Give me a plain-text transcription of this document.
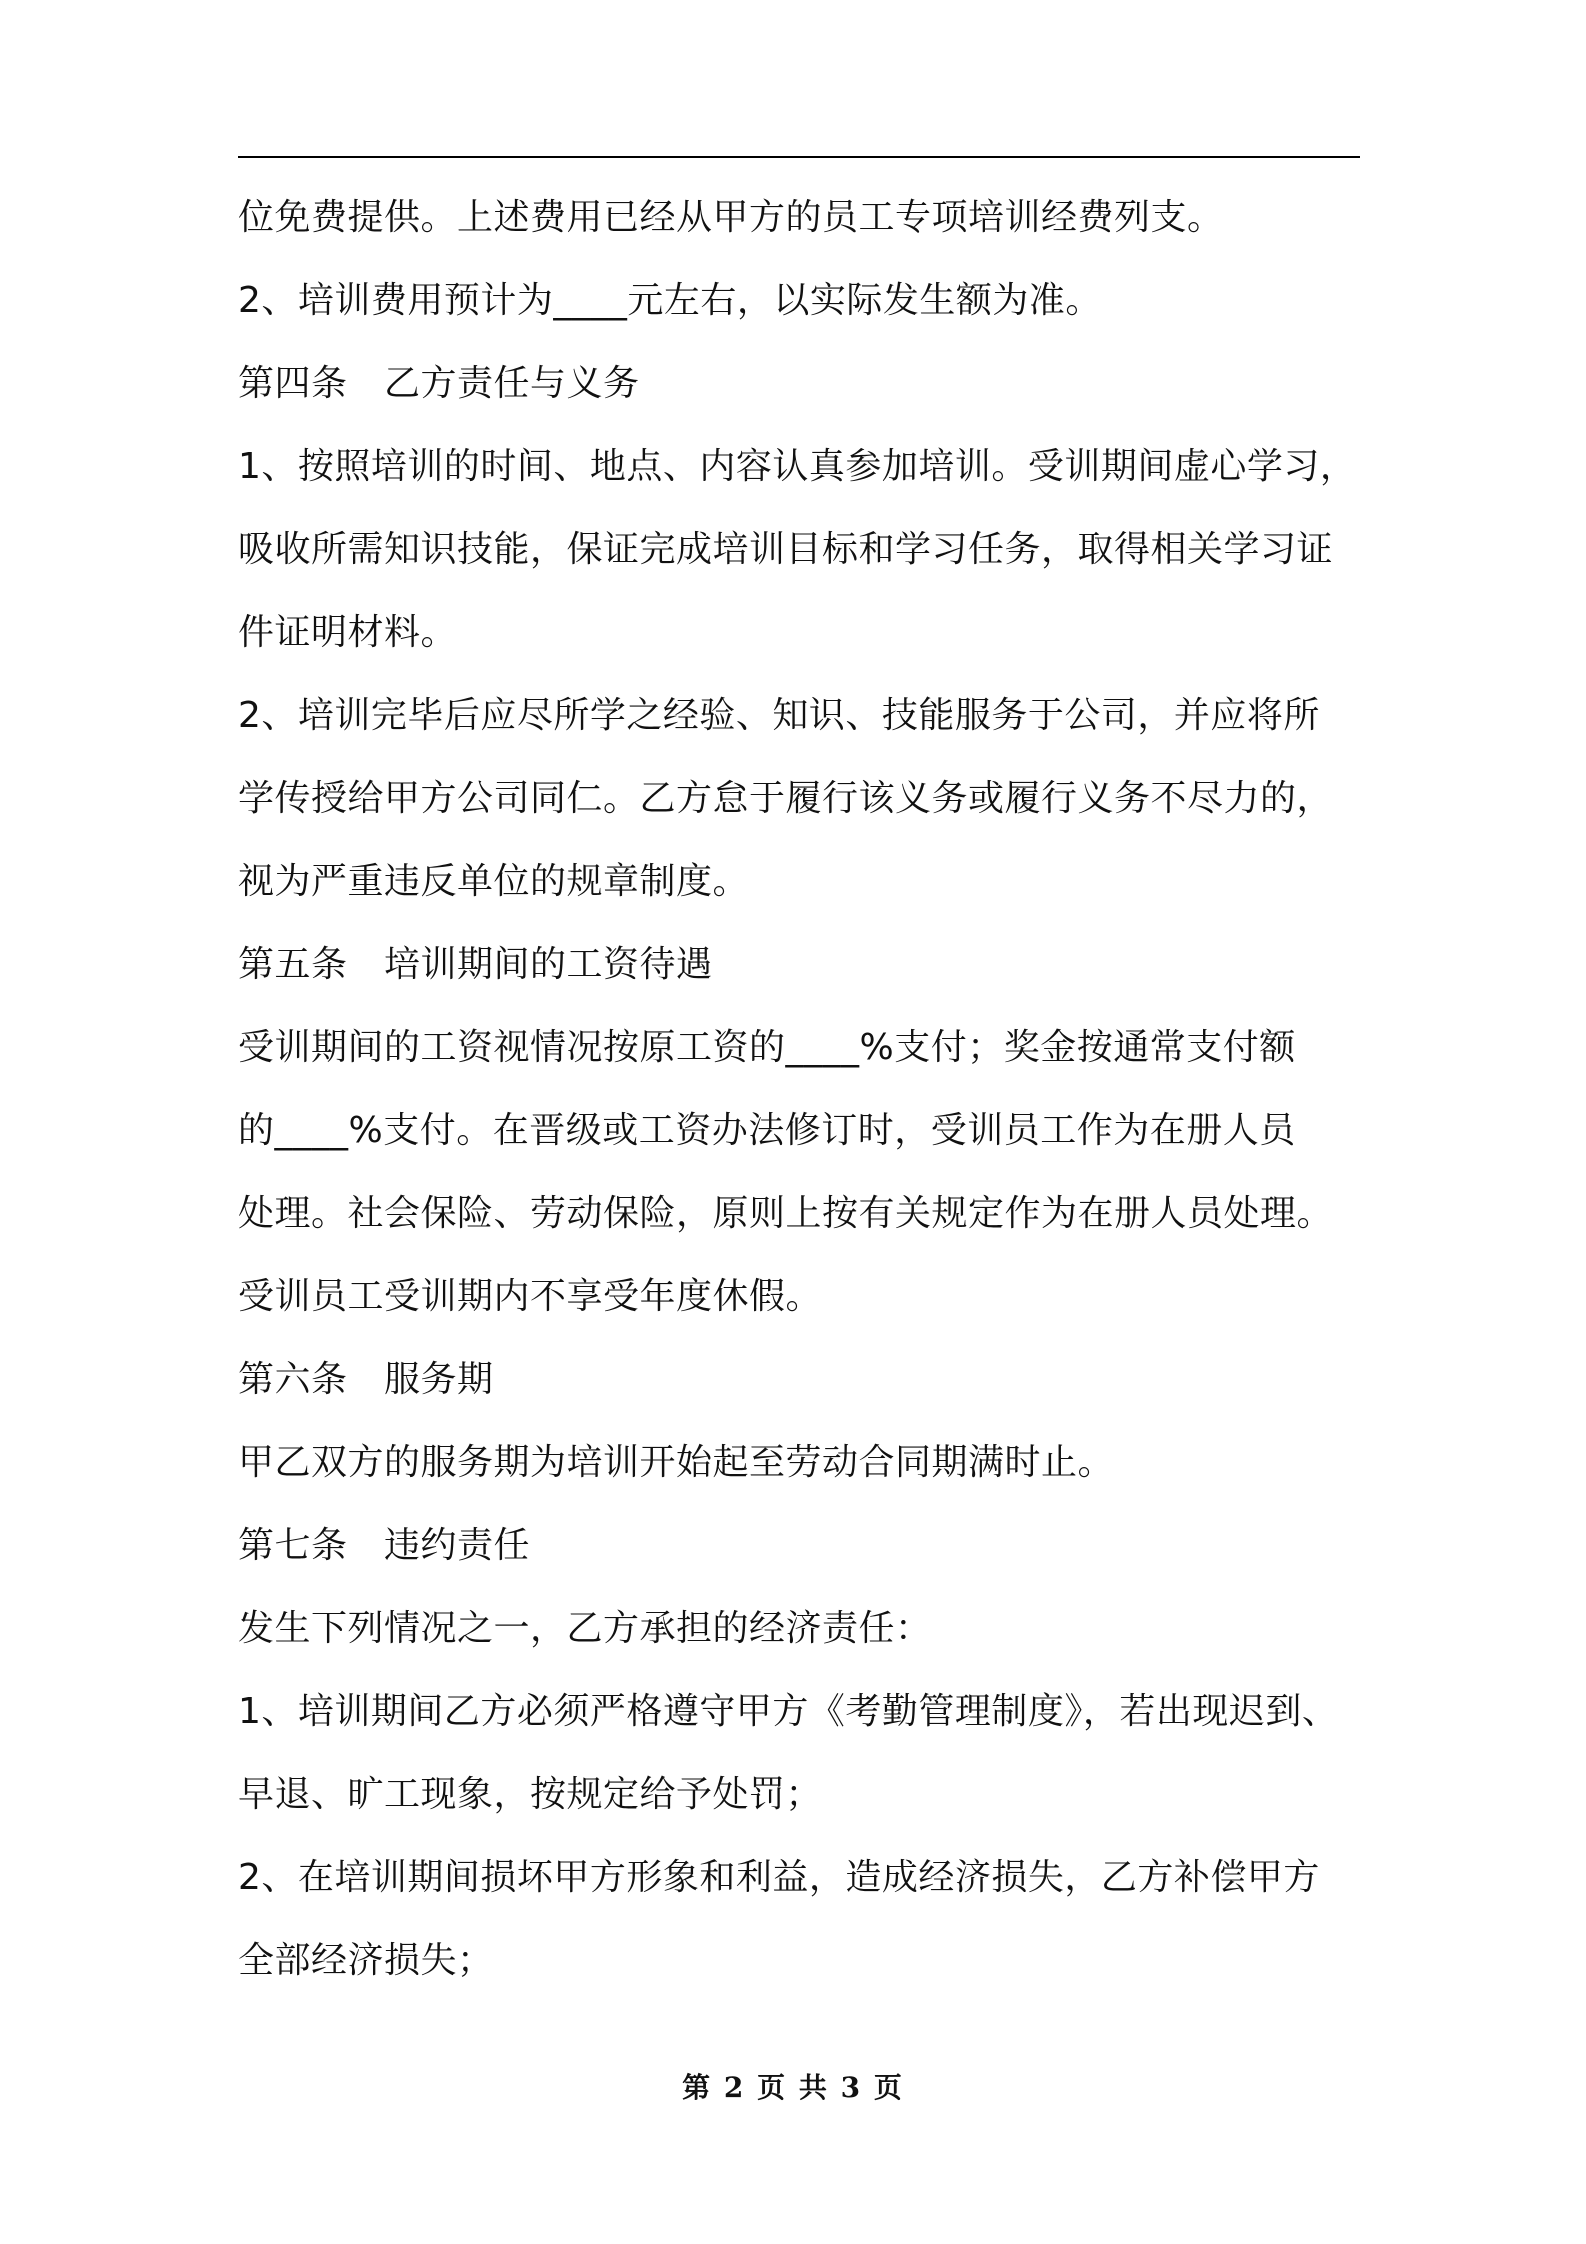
位免费提供。上述费用已经从甲方的员工专项培训经费列支。
2、培训费用预计为____元左右，以实际发生额为准。
第四条　乙方责任与义务
1、按照培训的时间、地点、内容认真参加培训。受训期间虚心学习，
吸收所需知识技能，保证完成培训目标和学习任务，取得相关学习证
件证明材料。
2、培训完毕后应尽所学之经验、知识、技能服务于公司，并应将所
学传授给甲方公司同仁。乙方怠于履行该义务或履行义务不尽力的，
视为严重违反单位的规章制度。
第五条　培训期间的工资待遇
受训期间的工资视情况按原工资的____%支付；奖金按通常支付额
的____%支付。在晋级或工资办法修订时，受训员工作为在册人员
处理。社会保险、劳动保险，原则上按有关规定作为在册人员处理。
受训员工受训期内不享受年度休假。
第六条　服务期
甲乙双方的服务期为培训开始起至劳动合同期满时止。
第七条　违约责任
发生下列情况之一，乙方承担的经济责任：
1、培训期间乙方必须严格遵守甲方《考勤管理制度》，若出现迟到、
早退、旷工现象，按规定给予处罚；
2、在培训期间损坏甲方形象和利益，造成经济损失，乙方补偿甲方
全部经济损失；
第 2 页 共 3 页
